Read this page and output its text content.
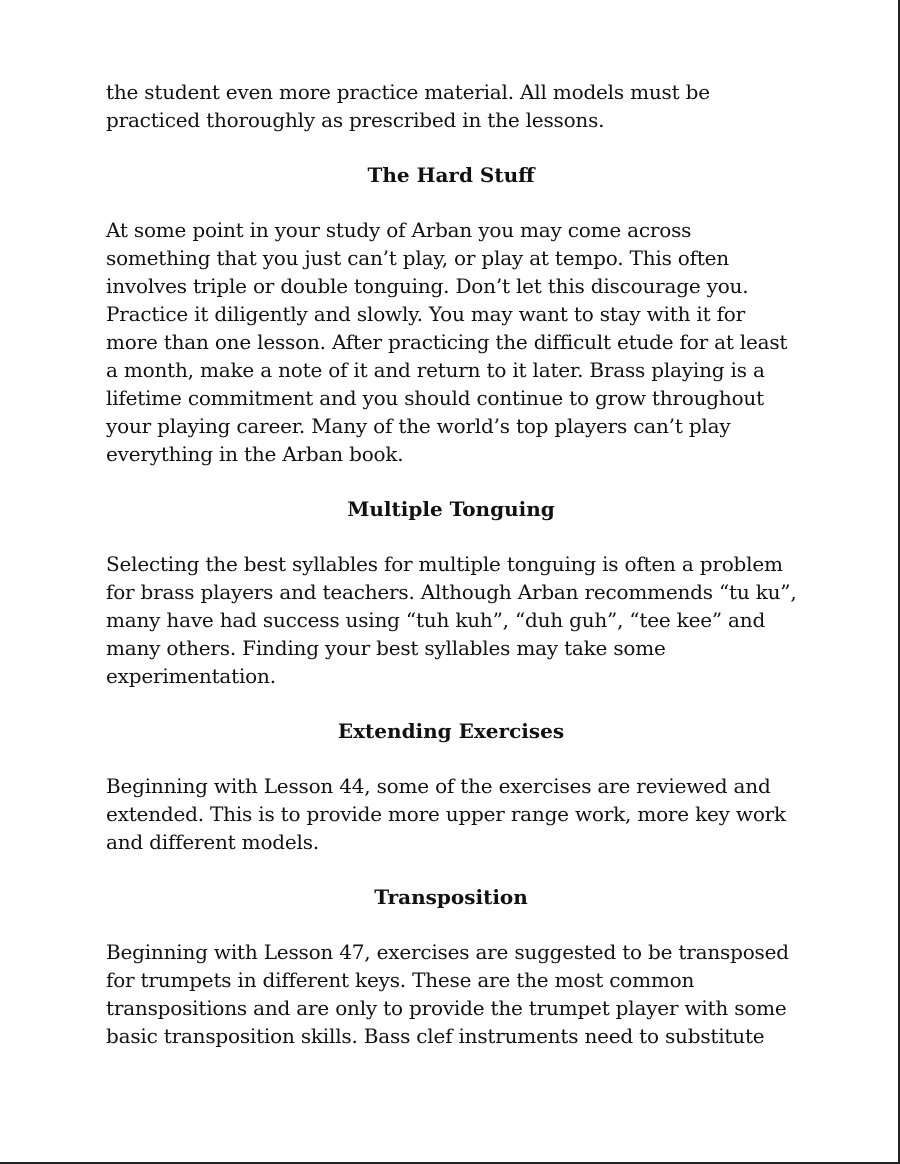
the student even more practice material. All models must be
practiced thoroughly as prescribed in the lessons.

The Hard Stuff

At some point in your study of Arban you may come across
something that you just can’t play, or play at tempo. This often
involves triple or double tonguing. Don’t let this discourage you.
Practice it diligently and slowly. You may want to stay with it for
more than one lesson. After practicing the difficult etude for at least
a month, make a note of it and return to it later. Brass playing is a
lifetime commitment and you should continue to grow throughout
your playing career. Many of the world’s top players can’t play
everything in the Arban book.

Multiple Tonguing

Selecting the best syllables for multiple tonguing is often a problem
for brass players and teachers. Although Arban recommends “tu ku”,
many have had success using “tuh kuh”, “duh guh”, “tee kee” and
many others. Finding your best syllables may take some
experimentation.

Extending Exercises

Beginning with Lesson 44, some of the exercises are reviewed and
extended. This is to provide more upper range work, more key work
and different models.

Transposition

Beginning with Lesson 47, exercises are suggested to be transposed
for trumpets in different keys. These are the most common
transpositions and are only to provide the trumpet player with some
basic transposition skills. Bass clef instruments need to substitute
